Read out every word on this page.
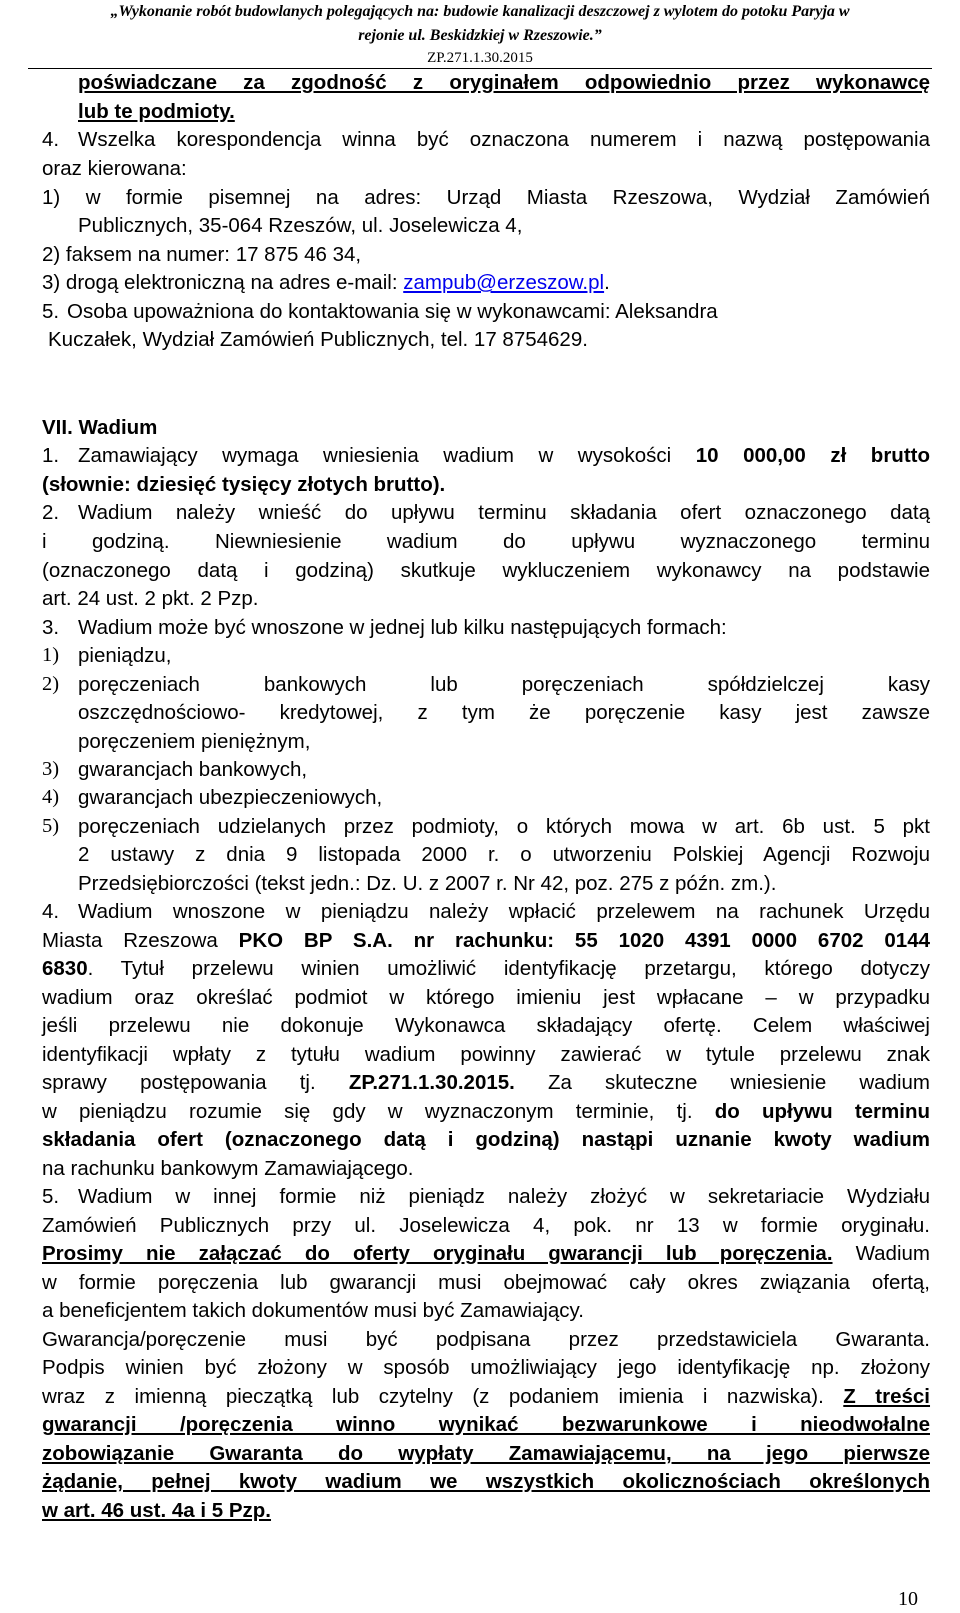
„Wykonanie robót budowlanych polegających na: budowie kanalizacji deszczowej z wylotem do potoku Paryja w
rejonie ul. Beskidzkiej w Rzeszowie.”
ZP.271.1.30.2015
poświadczane za zgodność z oryginałem odpowiednio przez wykonawcę
lub te podmioty.
4. Wszelka korespondencja winna być oznaczona numerem i nazwą postępowania
oraz kierowana:
1) w formie pisemnej na adres: Urząd Miasta Rzeszowa, Wydział Zamówień
Publicznych, 35-064 Rzeszów, ul. Joselewicza 4,
2) faksem na numer: 17 875 46 34,
3) drogą elektroniczną na adres e-mail: zampub@erzeszow.pl.
5. Osoba upoważniona do kontaktowania się w wykonawcami: Aleksandra
Kuczałek, Wydział Zamówień Publicznych, tel. 17 8754629.
VII. Wadium
1. Zamawiający wymaga wniesienia wadium w wysokości 10 000,00 zł brutto
(słownie: dziesięć tysięcy złotych brutto).
2. Wadium należy wnieść do upływu terminu składania ofert oznaczonego datą
i godziną. Niewniesienie wadium do upływu wyznaczonego terminu
(oznaczonego datą i godziną) skutkuje wykluczeniem wykonawcy na podstawie
art. 24 ust. 2 pkt. 2 Pzp.
3. Wadium może być wnoszone w jednej lub kilku następujących formach:
1) pieniądzu,
2) poręczeniach bankowych lub poręczeniach spółdzielczej kasy
oszczędnościowo- kredytowej, z tym że poręczenie kasy jest zawsze
poręczeniem pieniężnym,
3) gwarancjach bankowych,
4) gwarancjach ubezpieczeniowych,
5) poręczeniach udzielanych przez podmioty, o których mowa w art. 6b ust. 5 pkt
2 ustawy z dnia 9 listopada 2000 r. o utworzeniu Polskiej Agencji Rozwoju
Przedsiębiorczości (tekst jedn.: Dz. U. z 2007 r. Nr 42, poz. 275 z późn. zm.).
4. Wadium wnoszone w pieniądzu należy wpłacić przelewem na rachunek Urzędu
Miasta Rzeszowa PKO BP S.A. nr rachunku: 55 1020 4391 0000 6702 0144
6830. Tytuł przelewu winien umożliwić identyfikację przetargu, którego dotyczy
wadium oraz określać podmiot w którego imieniu jest wpłacane – w przypadku
jeśli przelewu nie dokonuje Wykonawca składający ofertę. Celem właściwej
identyfikacji wpłaty z tytułu wadium powinny zawierać w tytule przelewu znak
sprawy postępowania tj. ZP.271.1.30.2015. Za skuteczne wniesienie wadium
w pieniądzu rozumie się gdy w wyznaczonym terminie, tj. do upływu terminu
składania ofert (oznaczonego datą i godziną) nastąpi uznanie kwoty wadium
na rachunku bankowym Zamawiającego.
5. Wadium w innej formie niż pieniądz należy złożyć w sekretariacie Wydziału
Zamówień Publicznych przy ul. Joselewicza 4, pok. nr 13 w formie oryginału.
Prosimy nie załączać do oferty oryginału gwarancji lub poręczenia. Wadium
w formie poręczenia lub gwarancji musi obejmować cały okres związania ofertą,
a beneficjentem takich dokumentów musi być Zamawiający.
Gwarancja/poręczenie musi być podpisana przez przedstawiciela Gwaranta.
Podpis winien być złożony w sposób umożliwiający jego identyfikację np. złożony
wraz z imienną pieczątką lub czytelny (z podaniem imienia i nazwiska). Z treści
gwarancji /poręczenia winno wynikać bezwarunkowe i nieodwołalne
zobowiązanie Gwaranta do wypłaty Zamawiającemu, na jego pierwsze
żądanie, pełnej kwoty wadium we wszystkich okolicznościach określonych
w art. 46 ust. 4a i 5 Pzp.
10
